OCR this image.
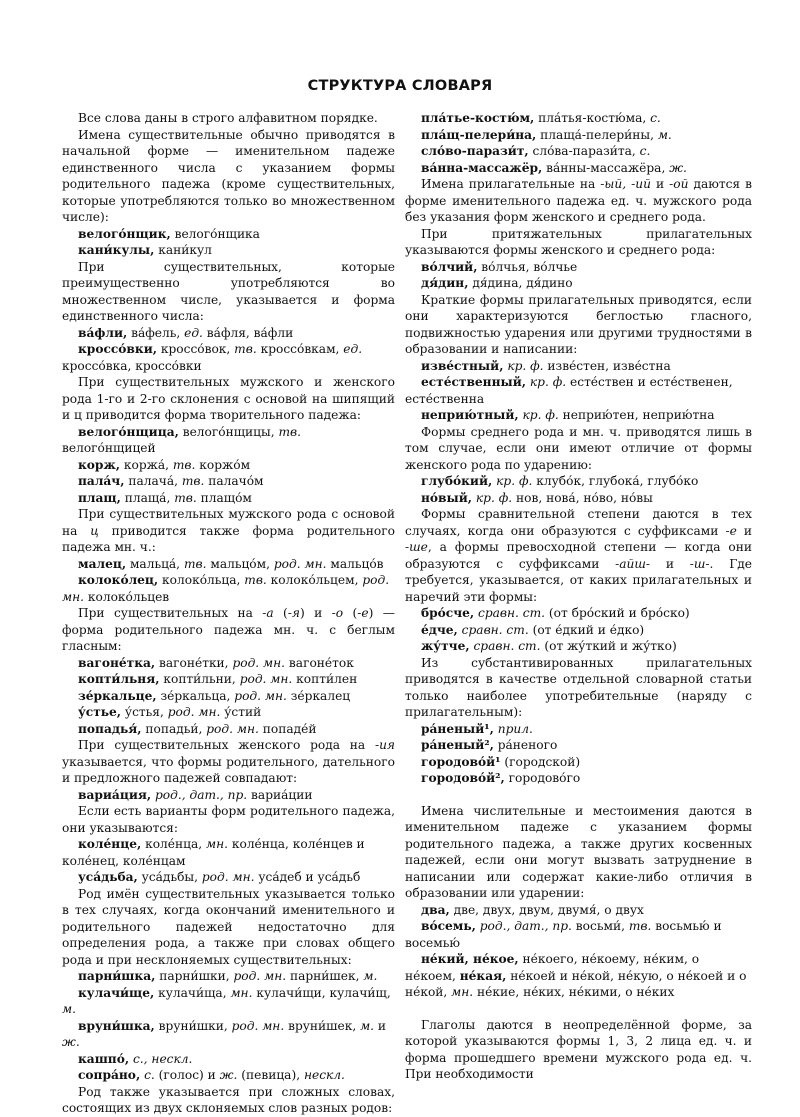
СТРУКТУРА СЛОВАРЯ

Все слова даны в строго алфавитном порядке.

Имена существительные обычно приводятся в начальной форме — именительном падеже единственного числа с указанием формы родительного падежа (кроме существительных, которые употребляются только во множественном числе):

велого́нщик, велого́нщика

кани́кулы, кани́кул

При существительных, которые преимущественно употребляются во множественном числе, указывается и форма единственного числа:

ва́фли, ва́фель, ед. ва́фля, ва́фли

кроссо́вки, кроссо́вок, тв. кроссо́вкам, ед. кроссо́вка, кроссо́вки

При существительных мужского и женского рода 1-го и 2-го склонения с основой на шипящий и ц приводится форма творительного падежа:

велого́нщица, велого́нщицы, тв. велого́нщицей

корж, коржа́, тв. коржо́м

пала́ч, палача́, тв. палачо́м

плащ, плаща́, тв. плащо́м

При существительных мужского рода с основой на ц приводится также форма родительного падежа мн. ч.:

малец, мальца́, тв. мальцо́м, род. мн. мальцо́в

колоко́лец, колоко́льца, тв. колоко́льцем, род. мн. колоко́льцев

При существительных на -а (-я) и -о (-е) — форма родительного падежа мн. ч. с беглым гласным:

вагоне́тка, вагоне́тки, род. мн. вагоне́ток

копти́льня, копти́льни, род. мн. копти́лен

зе́ркальце, зе́ркальца, род. мн. зе́ркалец

у́стье, у́стья, род. мн. у́стий

попадья́, попадьи́, род. мн. попаде́й

При существительных женского рода на -ия указывается, что формы родительного, дательного и предложного падежей совпадают:

вариа́ция, род., дат., пр. вариа́ции

Если есть варианты форм родительного падежа, они указываются:

коле́нце, коле́нца, мн. коле́нца, коле́нцев и коле́нец, коле́нцам

уса́дьба, уса́дьбы, род. мн. уса́деб и уса́дьб

Род имён существительных указывается только в тех случаях, когда окончаний именительного и родительного падежей недостаточно для определения рода, а также при словах общего рода и при несклоняемых существительных:

парни́шка, парни́шки, род. мн. парни́шек, м.

кулачи́ще, кулачи́ща, мн. кулачи́щи, кулачи́щ, м.

вруни́шка, вруни́шки, род. мн. вруни́шек, м. и ж.

кашпо́, с., нескл.

сопра́но, с. (голос) и ж. (певица), нескл.

Род также указывается при сложных словах, состоящих из двух склоняемых слов разных родов:

пла́тье-костю́м, пла́тья-костю́ма, с.

пла́щ-пелери́на, плаща́-пелери́ны, м.

сло́во-парази́т, сло́ва-парази́та, с.

ва́нна-массажёр, ва́нны-массажёра, ж.

Имена прилагательные на -ый, -ий и -ой даются в форме именительного падежа ед. ч. мужского рода без указания форм женского и среднего рода.

При притяжательных прилагательных указываются формы женского и среднего рода:

во́лчий, во́лчья, во́лчье

дя́дин, дя́дина, дя́дино

Краткие формы прилагательных приводятся, если они характеризуются беглостью гласного, подвижностью ударения или другими трудностями в образовании и написании:

изве́стный, кр. ф. изве́стен, изве́стна

есте́ственный, кр. ф. есте́ствен и есте́ственен, есте́ственна

неприю́тный, кр. ф. неприю́тен, неприю́тна

Формы среднего рода и мн. ч. приводятся лишь в том случае, если они имеют отличие от формы женского рода по ударению:

глубо́кий, кр. ф. клубо́к, глубока́, глубо́ко

но́вый, кр. ф. нов, нова́, но́во, но́вы

Формы сравнительной степени даются в тех случаях, когда они образуются с суффиксами -е и -ше, а формы превосходной степени — когда они образуются с суффиксами -айш- и -ш-. Где требуется, указывается, от каких прилагательных и наречий эти формы:

бро́сче, сравн. ст. (от бро́ский и бро́ско)

е́дче, сравн. ст. (от е́дкий и е́дко)

жу́тче, сравн. ст. (от жу́ткий и жу́тко)

Из субстантивированных прилагательных приводятся в качестве отдельной словарной статьи только наиболее употребительные (наряду с прилагательным):

ра́неный¹, прил.

ра́неный², ра́неного

городово́й¹ (городской)

городово́й², городово́го

Имена числительные и местоимения даются в именительном падеже с указанием формы родительного падежа, а также других косвенных падежей, если они могут вызвать затруднение в написании или содержат какие-либо отличия в образовании или ударении:

два, две, двух, двум, двумя́, о двух

во́семь, род., дат., пр. восьми́, тв. восьмью́ и восемью́

не́кий, не́кое, не́коего, не́коему, не́ким, о не́коем, не́кая, не́коей и не́кой, не́кую, о не́коей и о не́кой, мн. не́кие, не́ких, не́кими, о не́ких

Глаголы даются в неопределённой форме, за которой указываются формы 1, 3, 2 лица ед. ч. и форма прошедшего времени мужского рода ед. ч. При необходимости
